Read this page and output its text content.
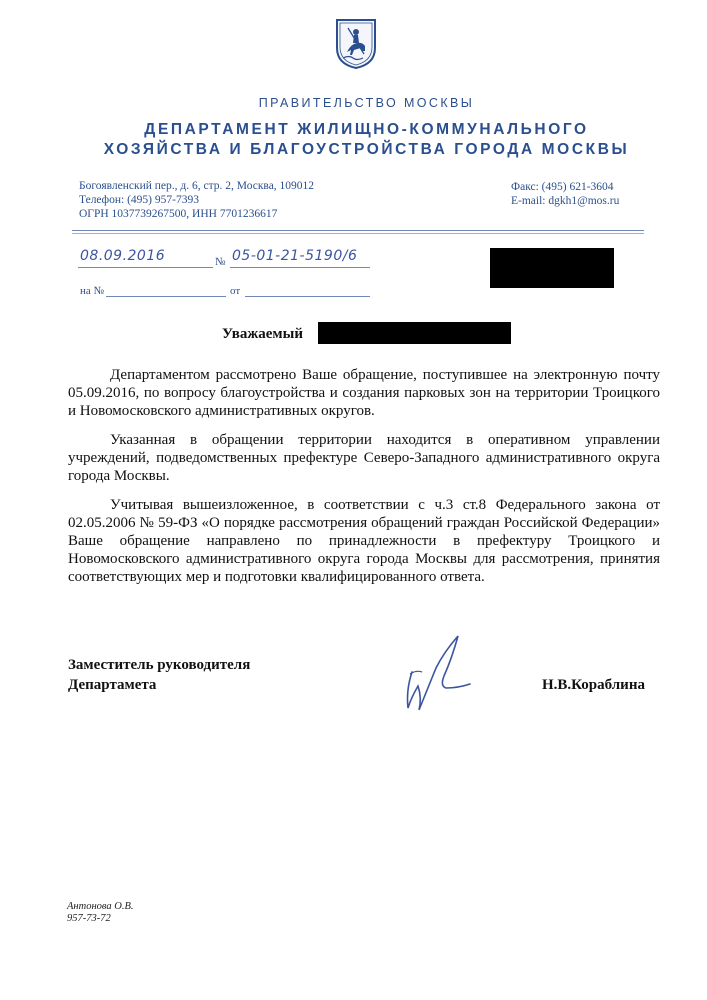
ПРАВИТЕЛЬСТВО МОСКВЫ
ДЕПАРТАМЕНТ ЖИЛИЩНО-КОММУНАЛЬНОГО
ХОЗЯЙСТВА И БЛАГОУСТРОЙСТВА ГОРОДА МОСКВЫ
Богоявленский пер., д. 6, стр. 2, Москва, 109012
Телефон: (495) 957-7393
ОГРН 1037739267500, ИНН 7701236617
Факс: (495) 621-3604
E-mail: dgkh1@mos.ru
08.09.2016	№ 05-01-21-5190/6
на №	от
Уважаемый

Департаментом рассмотрено Ваше обращение, поступившее на электронную почту 05.09.2016, по вопросу благоустройства и создания парковых зон на территории Троицкого и Новомосковского административных округов.

Указанная в обращении территории находится в оперативном управлении учреждений, подведомственных префектуре Северо-Западного административного округа города Москвы.

Учитывая вышеизложенное, в соответствии с ч.3 ст.8 Федерального закона от 02.05.2006 № 59-ФЗ «О порядке рассмотрения обращений граждан Российской Федерации» Ваше обращение направлено по принадлежности в префектуру Троицкого и Новомосковского административного округа города Москвы для рассмотрения, принятия соответствующих мер и подготовки квалифицированного ответа.

Заместитель руководителя
Департамета	Н.В.Кораблина
Антонова О.В.
957-73-72
